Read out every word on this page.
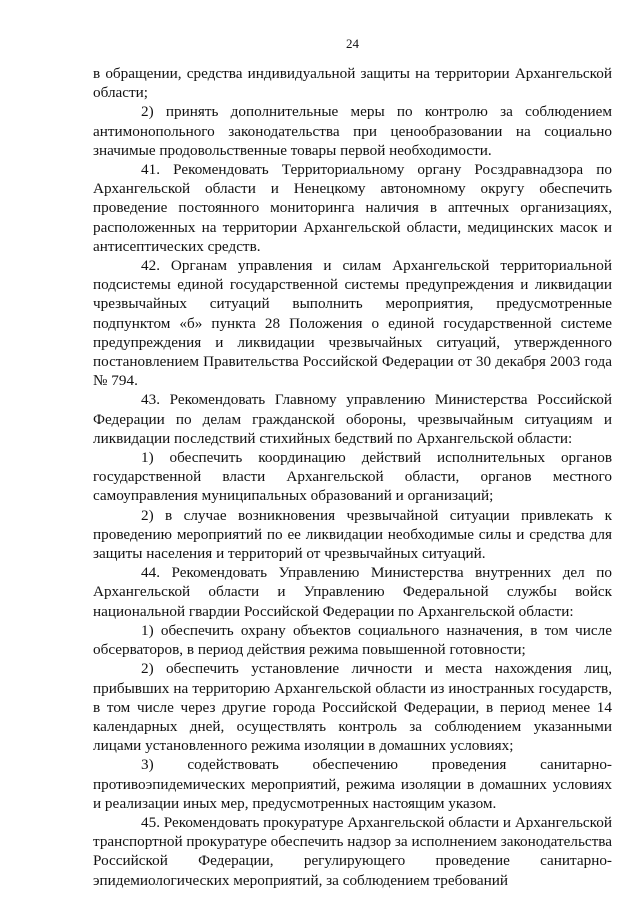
24

в обращении, средства индивидуальной защиты на территории Архангельской области;

2) принять дополнительные меры по контролю за соблюдением антимонопольного законодательства при ценообразовании на социально значимые продовольственные товары первой необходимости.

41. Рекомендовать Территориальному органу Росздравнадзора по Архангельской области и Ненецкому автономному округу обеспечить проведение постоянного мониторинга наличия в аптечных организациях, расположенных на территории Архангельской области, медицинских масок и антисептических средств.

42. Органам управления и силам Архангельской территориальной подсистемы единой государственной системы предупреждения и ликвидации чрезвычайных ситуаций выполнить мероприятия, предусмотренные подпунктом «б» пункта 28 Положения о единой государственной системе предупреждения и ликвидации чрезвычайных ситуаций, утвержденного постановлением Правительства Российской Федерации от 30 декабря 2003 года № 794.

43. Рекомендовать Главному управлению Министерства Российской Федерации по делам гражданской обороны, чрезвычайным ситуациям и ликвидации последствий стихийных бедствий по Архангельской области:

1) обеспечить координацию действий исполнительных органов государственной власти Архангельской области, органов местного самоуправления муниципальных образований и организаций;

2) в случае возникновения чрезвычайной ситуации привлекать к проведению мероприятий по ее ликвидации необходимые силы и средства для защиты населения и территорий от чрезвычайных ситуаций.

44. Рекомендовать Управлению Министерства внутренних дел по Архангельской области и Управлению Федеральной службы войск национальной гвардии Российской Федерации по Архангельской области:

1) обеспечить охрану объектов социального назначения, в том числе обсерваторов, в период действия режима повышенной готовности;

2) обеспечить установление личности и места нахождения лиц, прибывших на территорию Архангельской области из иностранных государств, в том числе через другие города Российской Федерации, в период менее 14 календарных дней, осуществлять контроль за соблюдением указанными лицами установленного режима изоляции в домашних условиях;

3) содействовать обеспечению проведения санитарно-противоэпидемических мероприятий, режима изоляции в домашних условиях и реализации иных мер, предусмотренных настоящим указом.

45. Рекомендовать прокуратуре Архангельской области и Архангельской транспортной прокуратуре обеспечить надзор за исполнением законодательства Российской Федерации, регулирующего проведение санитарно-эпидемиологических мероприятий, за соблюдением требований
